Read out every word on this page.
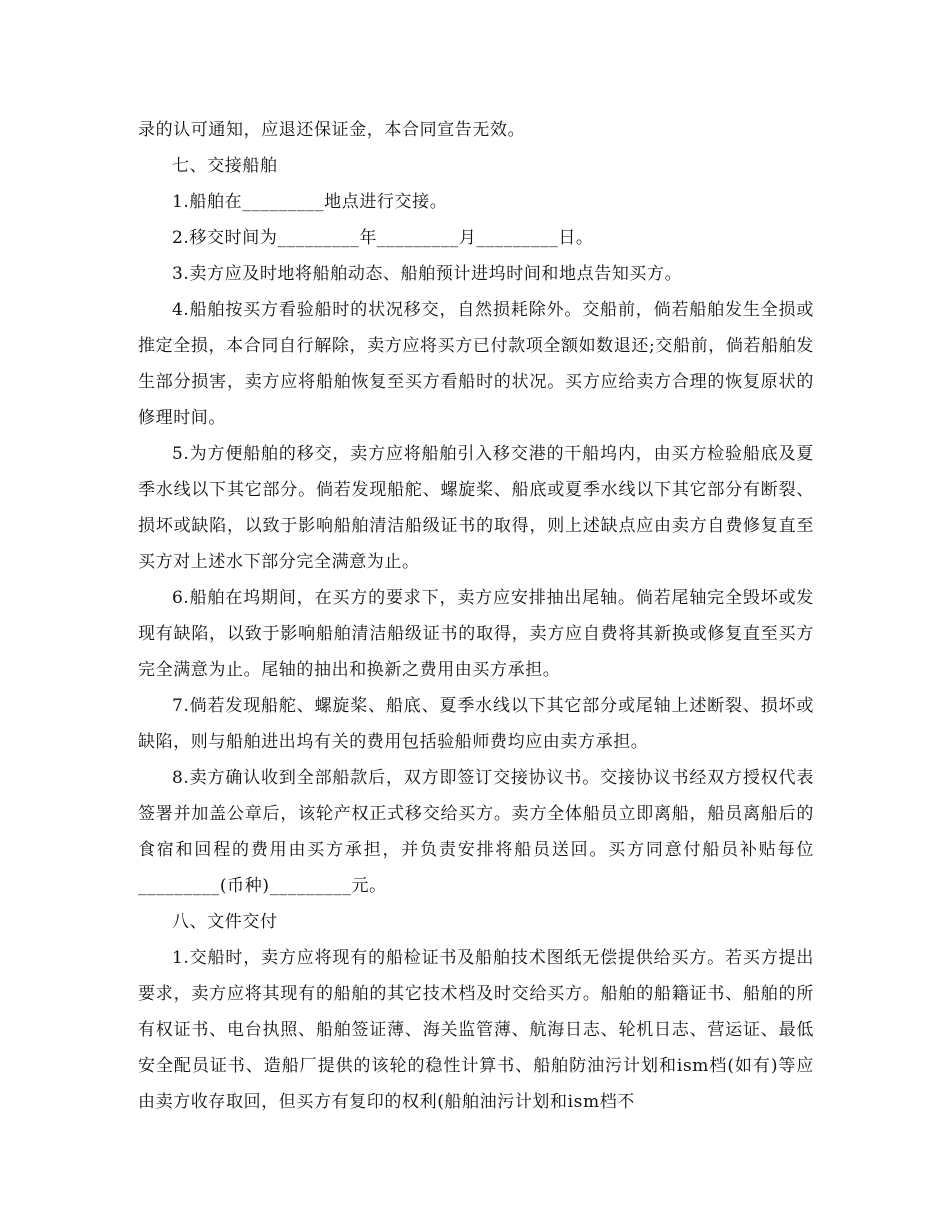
录的认可通知，应退还保证金，本合同宣告无效。

七、交接船舶

1.船舶在_________地点进行交接。

2.移交时间为_________年_________月_________日。

3.卖方应及时地将船舶动态、船舶预计进坞时间和地点告知买方。

4.船舶按买方看验船时的状况移交，自然损耗除外。交船前，倘若船舶发生全损或推定全损，本合同自行解除，卖方应将买方已付款项全额如数退还;交船前，倘若船舶发生部分损害，卖方应将船舶恢复至买方看船时的状况。买方应给卖方合理的恢复原状的修理时间。

5.为方便船舶的移交，卖方应将船舶引入移交港的干船坞内，由买方检验船底及夏季水线以下其它部分。倘若发现船舵、螺旋桨、船底或夏季水线以下其它部分有断裂、损坏或缺陷，以致于影响船舶清洁船级证书的取得，则上述缺点应由卖方自费修复直至买方对上述水下部分完全满意为止。

6.船舶在坞期间，在买方的要求下，卖方应安排抽出尾轴。倘若尾轴完全毁坏或发现有缺陷，以致于影响船舶清洁船级证书的取得，卖方应自费将其新换或修复直至买方完全满意为止。尾轴的抽出和换新之费用由买方承担。

7.倘若发现船舵、螺旋桨、船底、夏季水线以下其它部分或尾轴上述断裂、损坏或缺陷，则与船舶进出坞有关的费用包括验船师费均应由卖方承担。

8.卖方确认收到全部船款后，双方即签订交接协议书。交接协议书经双方授权代表签署并加盖公章后，该轮产权正式移交给买方。卖方全体船员立即离船，船员离船后的食宿和回程的费用由买方承担，并负责安排将船员送回。买方同意付船员补贴每位_________(币种)_________元。

八、文件交付

1.交船时，卖方应将现有的船检证书及船舶技术图纸无偿提供给买方。若买方提出要求，卖方应将其现有的船舶的其它技术档及时交给买方。船舶的船籍证书、船舶的所有权证书、电台执照、船舶签证薄、海关监管薄、航海日志、轮机日志、营运证、最低安全配员证书、造船厂提供的该轮的稳性计算书、船舶防油污计划和ism档(如有)等应由卖方收存取回，但买方有复印的权利(船舶油污计划和ism档不
